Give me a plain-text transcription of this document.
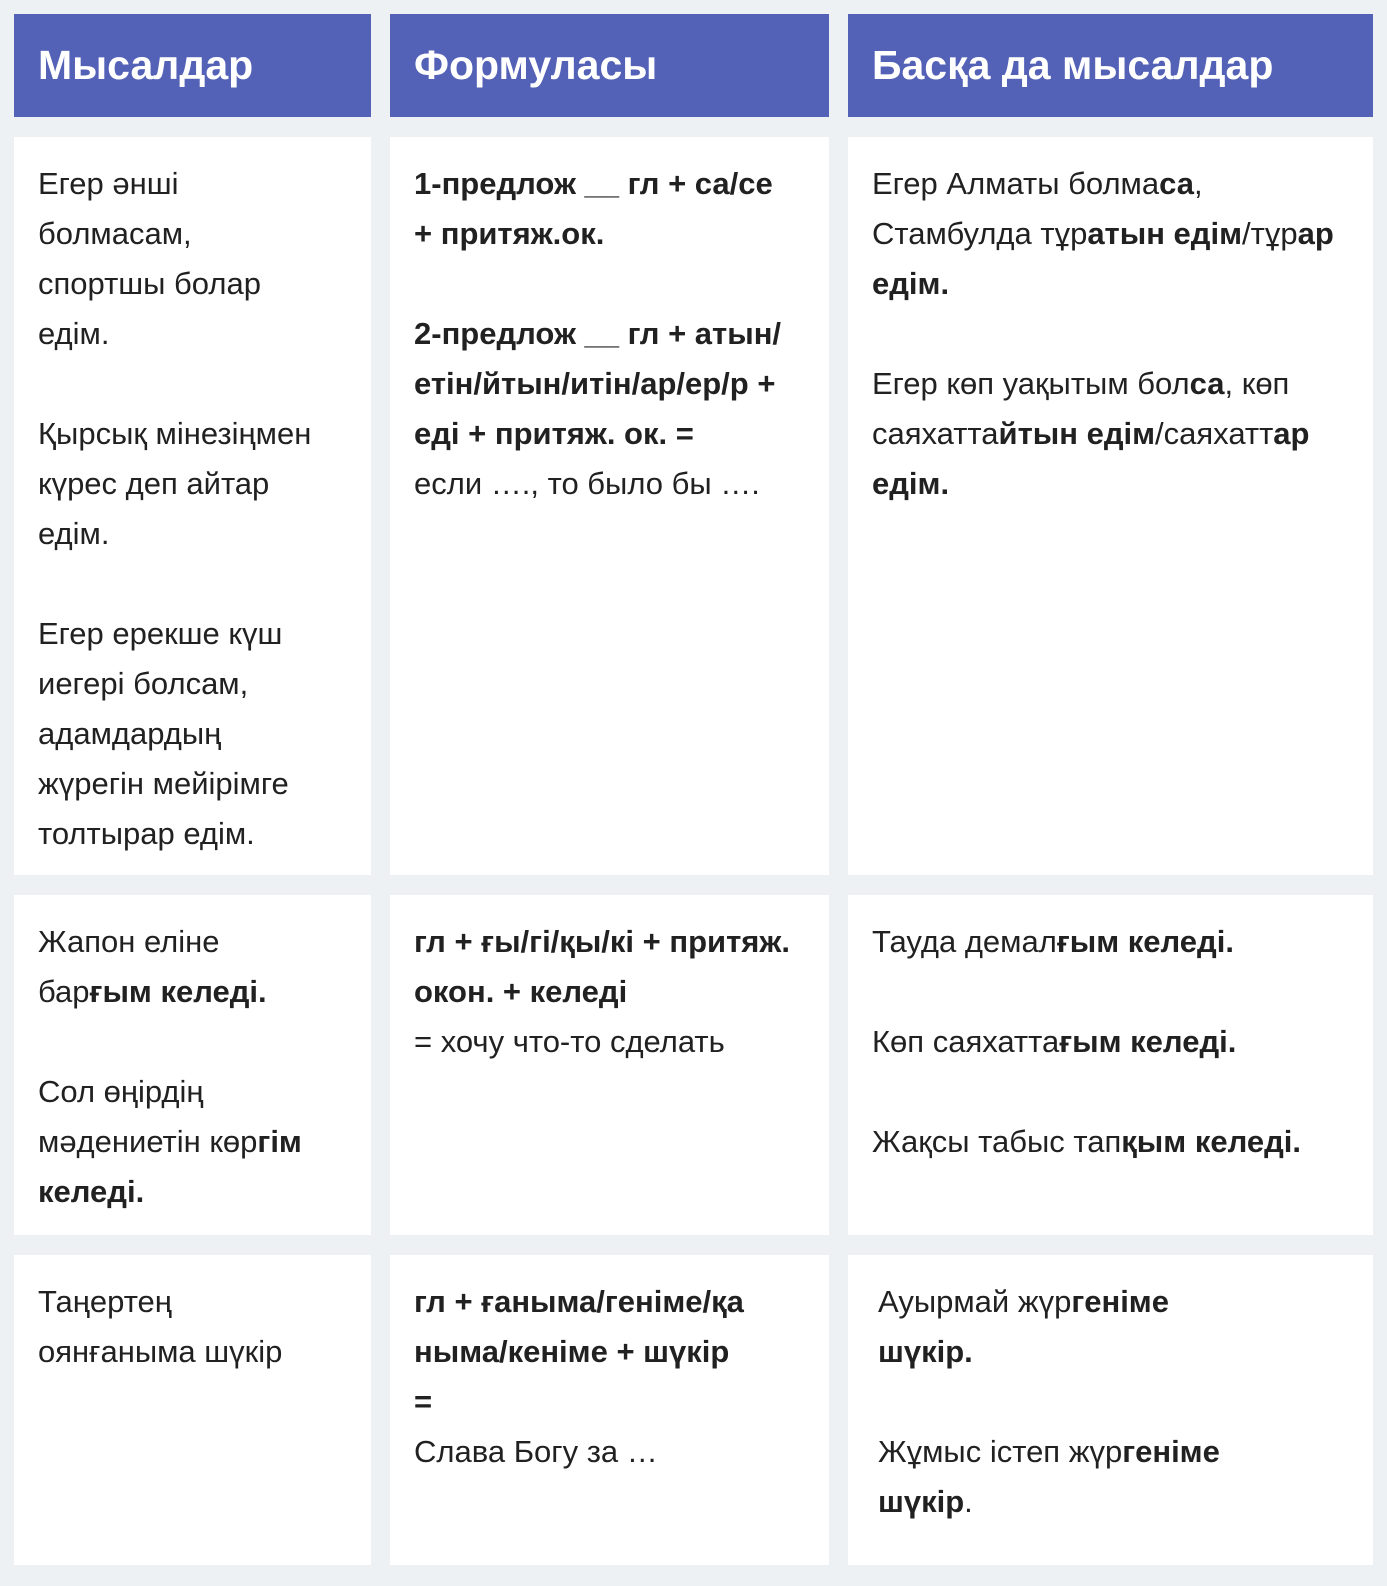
Мысалдар	Формуласы	Басқа да мысалдар

Егер әнші болмасам, спортшы болар едім.

Қырсық мінезіңмен күрес деп айтар едім.

Егер ерекше күш иегері болсам, адамдардың жүрегін мейірімге толтырар едім.

1-предлож __ гл + са/се + притяж.ок.

2-предлож __ гл + атын/етін/йтын/итін/ар/ер/р + еді + притяж. ок. =
если …., то было бы ….

Егер Алматы болмаса, Стамбулда тұратын едім/тұрар едім.

Егер көп уақытым болса, көп саяхаттайтын едім/саяхаттар едім.

Жапон еліне барғым келеді.

Сол өңірдің мәдениетін көргім келеді.

гл + ғы/гі/қы/кі + притяж. окон. + келеді
= хочу что-то сделать

Тауда демалғым келеді.

Көп саяхаттағым келеді.

Жақсы табыс тапқым келеді.

Таңертең оянғаныма шүкір

гл + ғаныма/геніме/қаныма/кеніме + шүкір =
Слава Богу за …

Ауырмай жүргеніме шүкір.

Жұмыс істеп жүргеніме шүкір.
